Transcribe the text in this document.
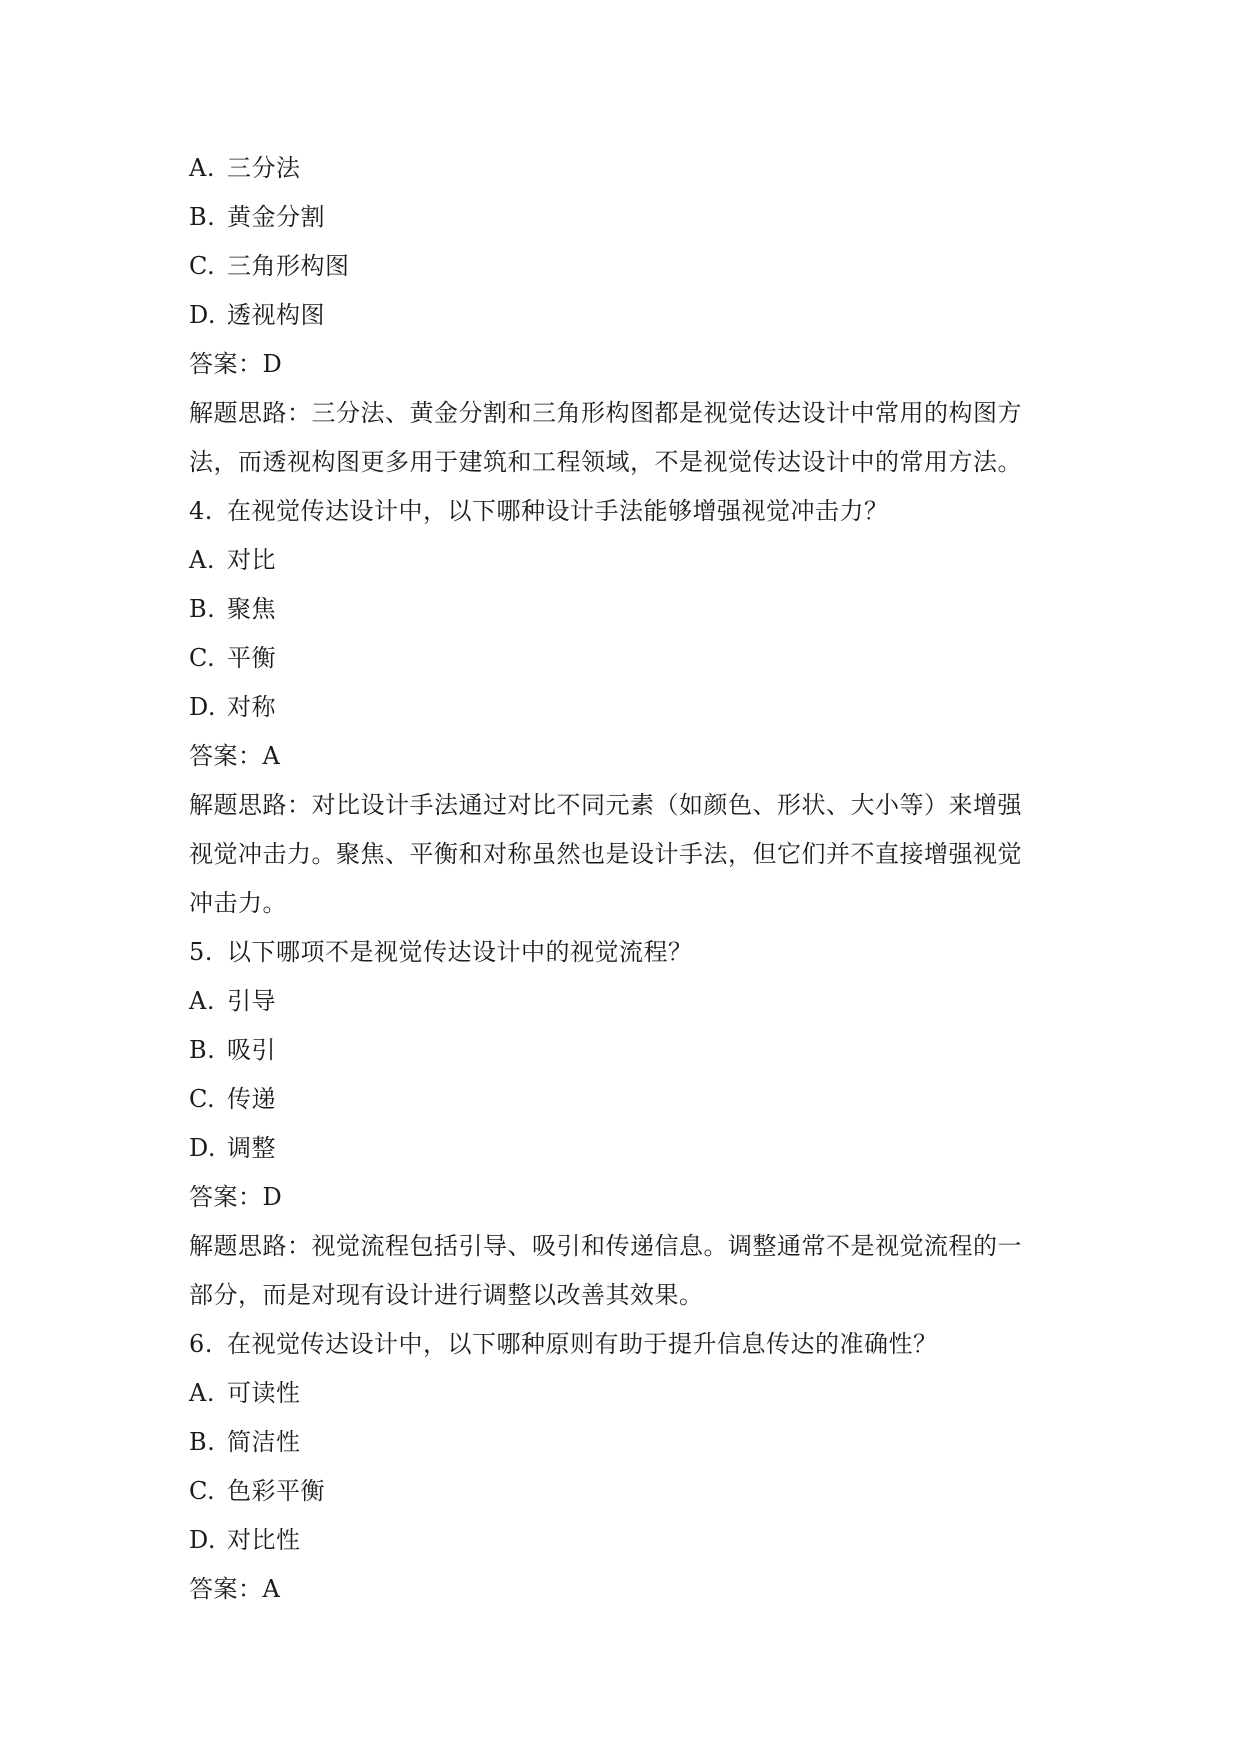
A. 三分法
B. 黄金分割
C. 三角形构图
D. 透视构图
答案：D
解题思路：三分法、黄金分割和三角形构图都是视觉传达设计中常用的构图方
法，而透视构图更多用于建筑和工程领域，不是视觉传达设计中的常用方法。
4. 在视觉传达设计中，以下哪种设计手法能够增强视觉冲击力？
A. 对比
B. 聚焦
C. 平衡
D. 对称
答案：A
解题思路：对比设计手法通过对比不同元素（如颜色、形状、大小等）来增强
视觉冲击力。聚焦、平衡和对称虽然也是设计手法，但它们并不直接增强视觉
冲击力。
5. 以下哪项不是视觉传达设计中的视觉流程？
A. 引导
B. 吸引
C. 传递
D. 调整
答案：D
解题思路：视觉流程包括引导、吸引和传递信息。调整通常不是视觉流程的一
部分，而是对现有设计进行调整以改善其效果。
6. 在视觉传达设计中，以下哪种原则有助于提升信息传达的准确性？
A. 可读性
B. 简洁性
C. 色彩平衡
D. 对比性
答案：A
